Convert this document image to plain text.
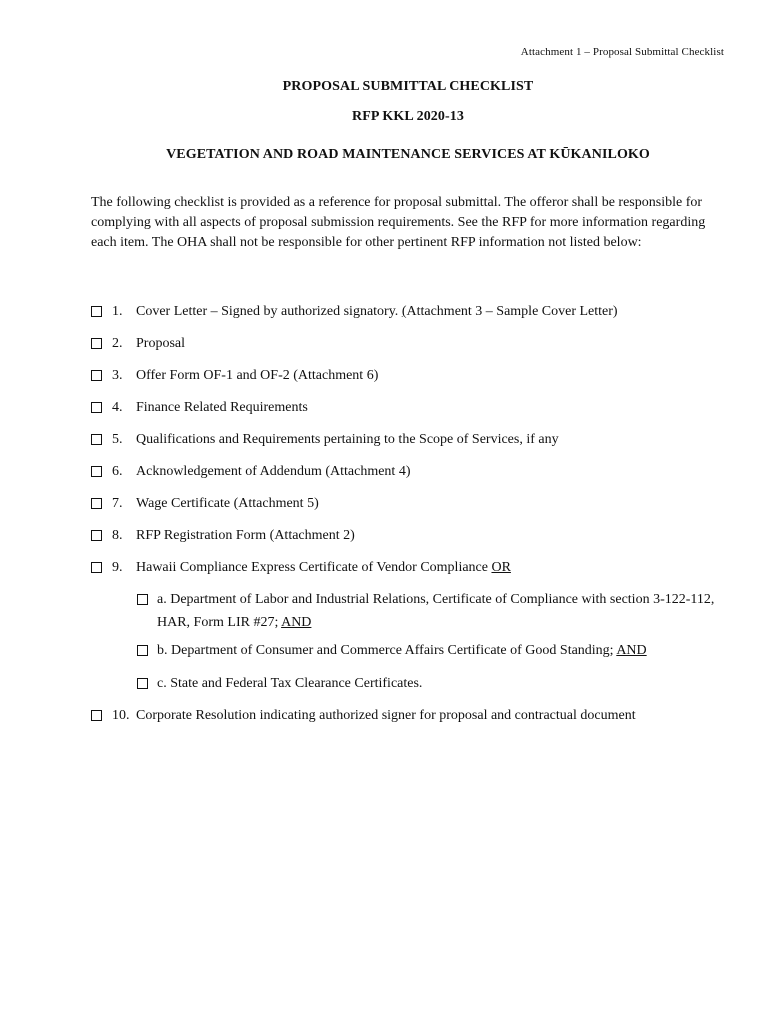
Attachment 1 – Proposal Submittal Checklist
PROPOSAL SUBMITTAL CHECKLIST
RFP KKL 2020-13
VEGETATION AND ROAD MAINTENANCE SERVICES AT KŪKANILOKO
The following checklist is provided as a reference for proposal submittal. The offeror shall be responsible for complying with all aspects of proposal submission requirements. See the RFP for more information regarding each item. The OHA shall not be responsible for other pertinent RFP information not listed below:
1. Cover Letter – Signed by authorized signatory. (Attachment 3 – Sample Cover Letter)
2. Proposal
3. Offer Form OF-1 and OF-2 (Attachment 6)
4. Finance Related Requirements
5. Qualifications and Requirements pertaining to the Scope of Services, if any
6. Acknowledgement of Addendum (Attachment 4)
7. Wage Certificate (Attachment 5)
8. RFP Registration Form (Attachment 2)
9. Hawaii Compliance Express Certificate of Vendor Compliance OR
a. Department of Labor and Industrial Relations, Certificate of Compliance with section 3-122-112, HAR, Form LIR #27; AND
b. Department of Consumer and Commerce Affairs Certificate of Good Standing; AND
c. State and Federal Tax Clearance Certificates.
10. Corporate Resolution indicating authorized signer for proposal and contractual document
